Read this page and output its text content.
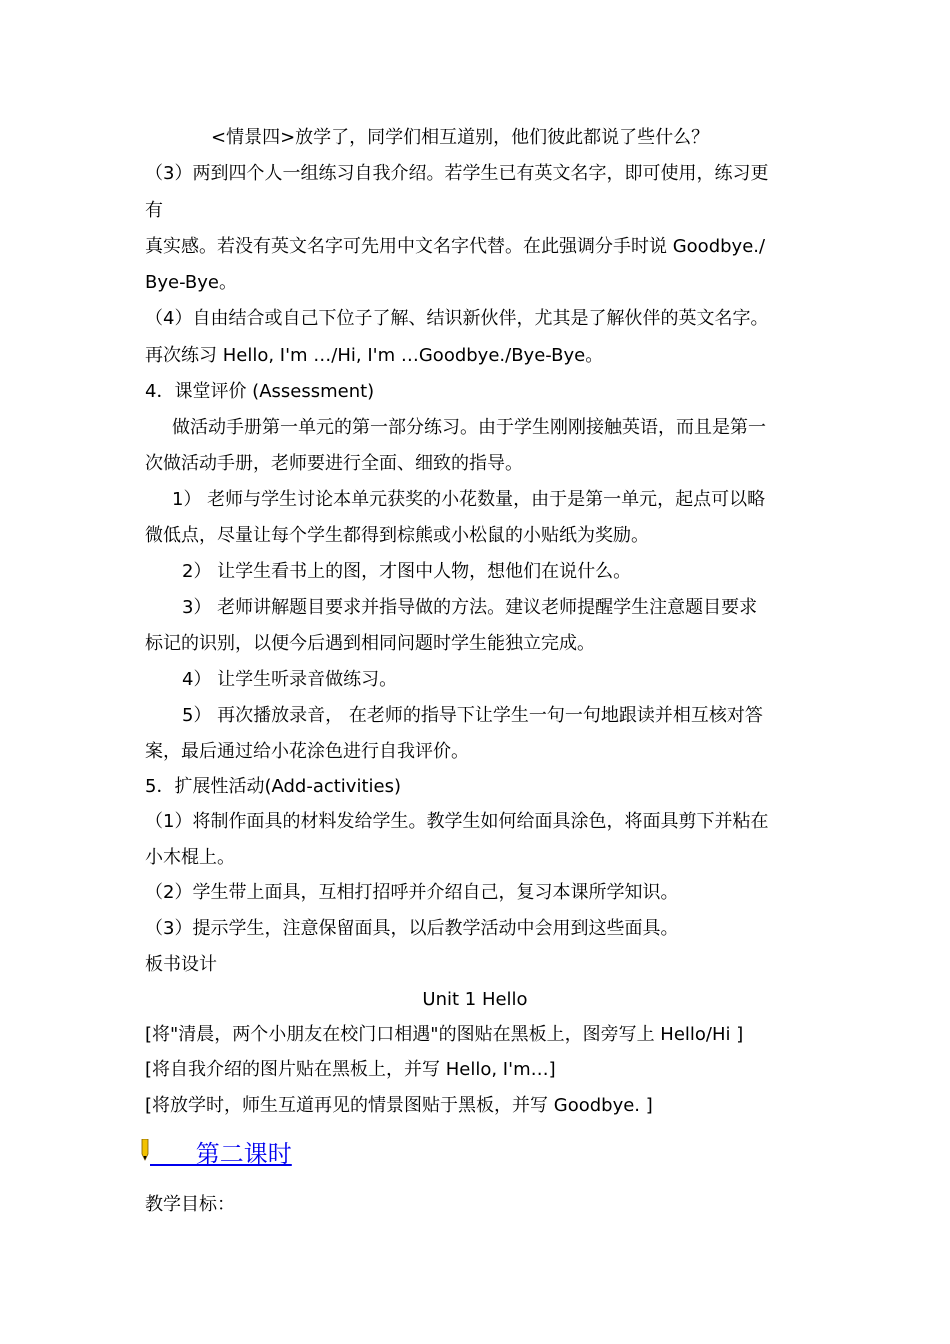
<情景四>放学了，同学们相互道别，他们彼此都说了些什么？

（3）两到四个人一组练习自我介绍。若学生已有英文名字，即可使用，练习更

有

真实感。若没有英文名字可先用中文名字代替。在此强调分手时说 Goodbye./

Bye-Bye。

（4）自由结合或自己下位子了解、结识新伙伴，尤其是了解伙伴的英文名字。

再次练习 Hello, I'm …/Hi, I'm …Goodbye./Bye-Bye。

4．课堂评价 (Assessment)

做活动手册第一单元的第一部分练习。由于学生刚刚接触英语，而且是第一

次做活动手册，老师要进行全面、细致的指导。

1） 老师与学生讨论本单元获奖的小花数量，由于是第一单元，起点可以略

微低点，尽量让每个学生都得到棕熊或小松鼠的小贴纸为奖励。

2） 让学生看书上的图，才图中人物，想他们在说什么。

3） 老师讲解题目要求并指导做的方法。建议老师提醒学生注意题目要求

标记的识别，以便今后遇到相同问题时学生能独立完成。

4） 让学生听录音做练习。

5） 再次播放录音， 在老师的指导下让学生一句一句地跟读并相互核对答

案，最后通过给小花涂色进行自我评价。

5．扩展性活动(Add-activities)

（1）将制作面具的材料发给学生。教学生如何给面具涂色，将面具剪下并粘在

小木棍上。

（2）学生带上面具，互相打招呼并介绍自己，复习本课所学知识。

（3）提示学生，注意保留面具，以后教学活动中会用到这些面具。

板书设计

Unit 1 Hello

[将"清晨，两个小朋友在校门口相遇"的图贴在黑板上，图旁写上 Hello/Hi ]

[将自我介绍的图片贴在黑板上，并写 Hello, I'm…]

[将放学时，师生互道再见的情景图贴于黑板，并写 Goodbye. ]

第二课时

教学目标：
